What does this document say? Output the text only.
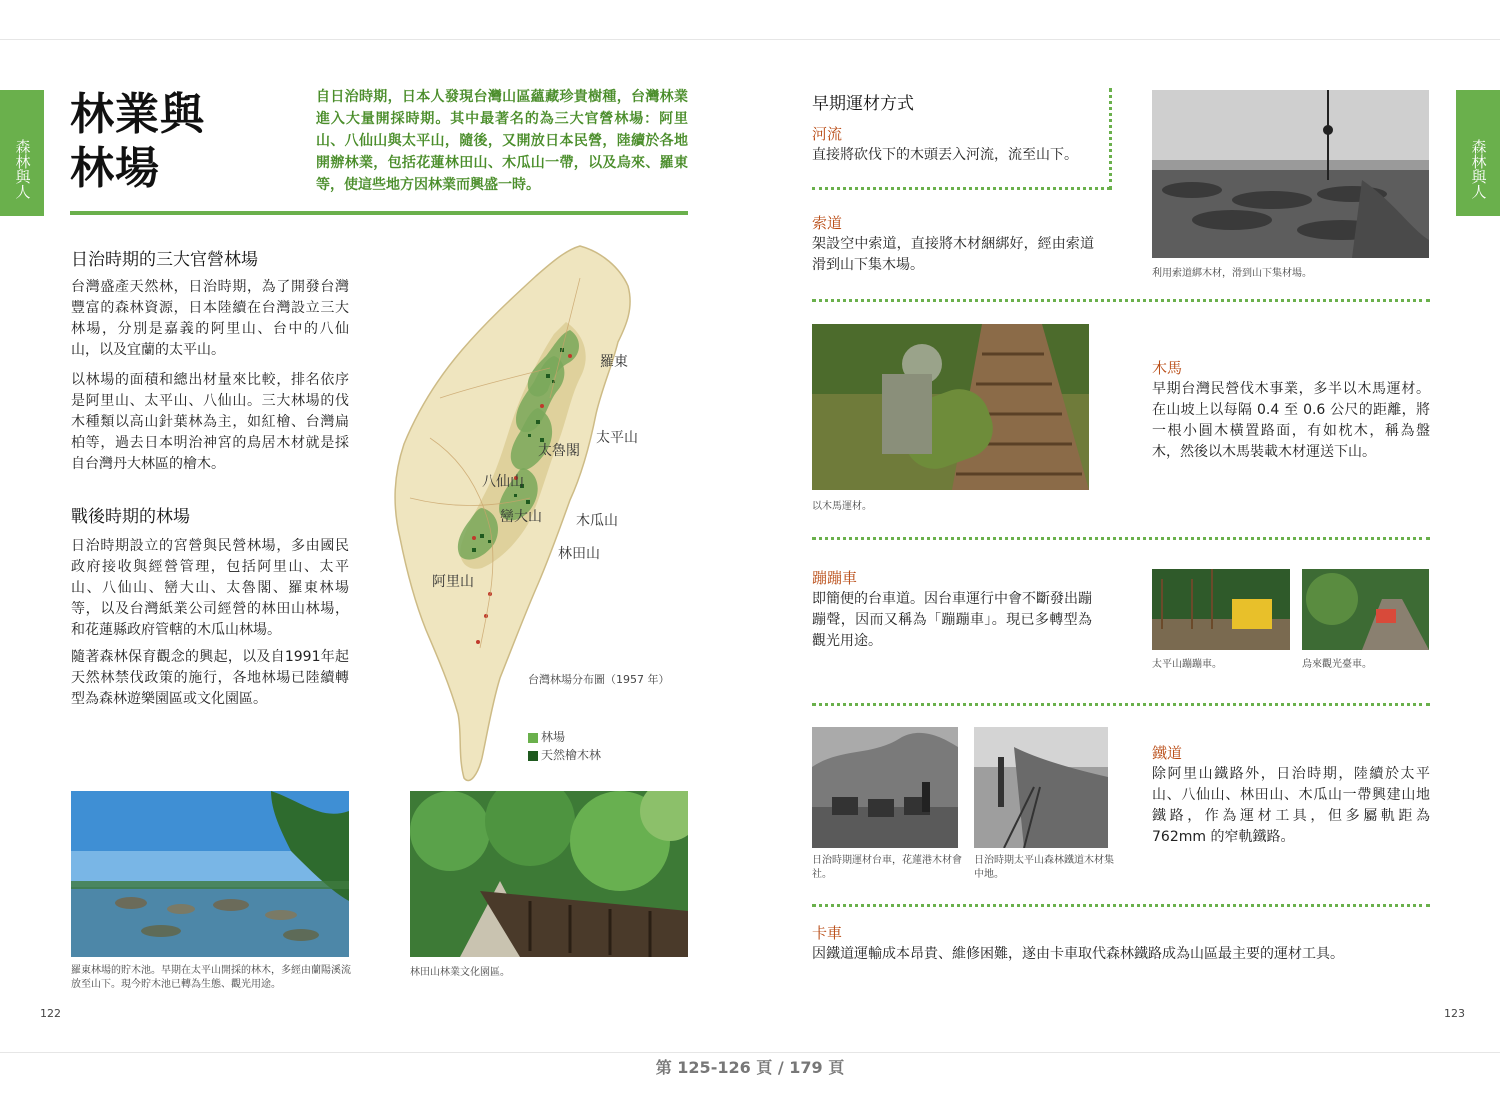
森林與人
林業與
林場
自日治時期，日本人發現台灣山區蘊藏珍貴樹種，台灣林業進入大量開採時期。其中最著名的為三大官營林場：阿里山、八仙山與太平山，隨後，又開放日本民營，陸續於各地開辦林業，包括花蓮林田山、木瓜山一帶，以及烏來、羅東等，使這些地方因林業而興盛一時。
日治時期的三大官營林場
台灣盛產天然林，日治時期，為了開發台灣豐富的森林資源，日本陸續在台灣設立三大林場，分別是嘉義的阿里山、台中的八仙山，以及宜蘭的太平山。
以林場的面積和總出材量來比較，排名依序是阿里山、太平山、八仙山。三大林場的伐木種類以高山針葉林為主，如紅檜、台灣扁柏等，過去日本明治神宮的鳥居木材就是採自台灣丹大林區的檜木。
戰後時期的林場
日治時期設立的宮營與民營林場，多由國民政府接收與經營管理，包括阿里山、太平山、八仙山、巒大山、太魯閣、羅東林場等，以及台灣紙業公司經營的林田山林場，和花蓮縣政府管轄的木瓜山林場。
隨著森林保育觀念的興起，以及自1991年起天然林禁伐政策的施行，各地林場已陸續轉型為森林遊樂園區或文化園區。
羅東
太平山
太魯閣
八仙山
巒大山 木瓜山
林田山
阿里山
台灣林場分布圖（1957 年）
林場
天然檜木林
羅東林場的貯木池。早期在太平山開採的林木，多經由蘭陽溪流放至山下。現今貯木池已轉為生態、觀光用途。
林田山林業文化園區。
122
森林與人
早期運材方式
河流
直接將砍伐下的木頭丟入河流，流至山下。
索道
架設空中索道，直接將木材綑綁好，經由索道滑到山下集木場。
利用索道綁木材，滑到山下集材場。
以木馬運材。
木馬
早期台灣民營伐木事業，多半以木馬運材。在山坡上以每隔 0.4 至 0.6 公尺的距離，將一根小圓木橫置路面，有如枕木，稱為盤木，然後以木馬裝載木材運送下山。
蹦蹦車
即簡便的台車道。因台車運行中會不斷發出蹦蹦聲，因而又稱為「蹦蹦車」。現已多轉型為觀光用途。
太平山蹦蹦車。	烏來觀光臺車。
日治時期運材台車，花蓮港木材會社。
日治時期太平山森林鐵道木材集中地。
鐵道
除阿里山鐵路外，日治時期，陸續於太平山、八仙山、林田山、木瓜山一帶興建山地鐵路，作為運材工具，但多屬軌距為 762mm 的窄軌鐵路。
卡車
因鐵道運輸成本昂貴、維修困難，遂由卡車取代森林鐵路成為山區最主要的運材工具。
123
第 125-126 頁 / 179 頁
